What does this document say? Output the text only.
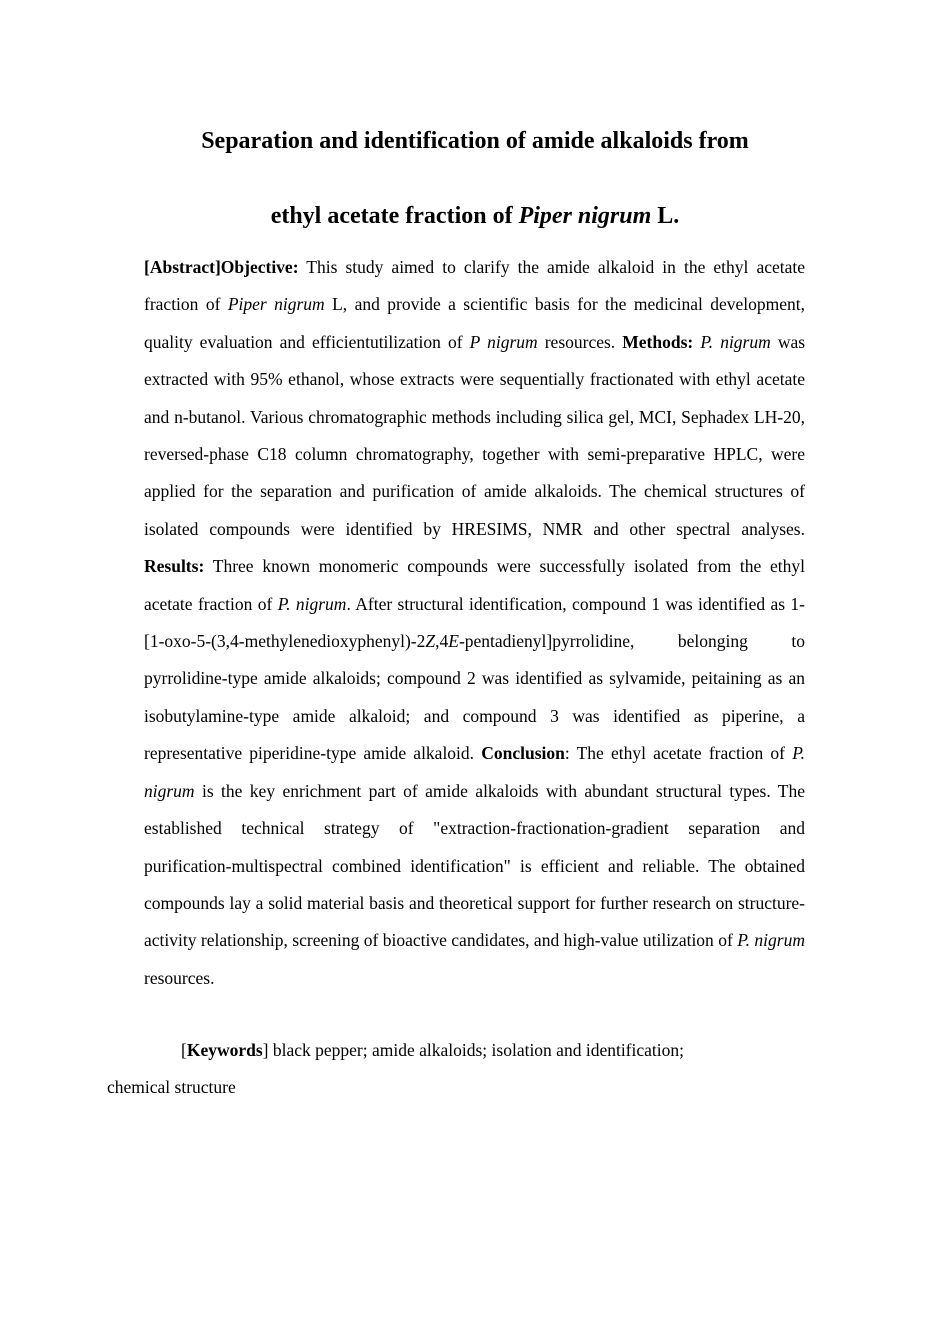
Separation and identification of amide alkaloids from
ethyl acetate fraction of Piper nigrum L.

[Abstract]Objective: This study aimed to clarify the amide alkaloid in the ethyl acetate fraction of Piper nigrum L, and provide a scientific basis for the medicinal development, quality evaluation and efficientutilization of P nigrum resources. Methods: P. nigrum was extracted with 95% ethanol, whose extracts were sequentially fractionated with ethyl acetate and n-butanol. Various chromatographic methods including silica gel, MCI, Sephadex LH-20, reversed-phase C18 column chromatography, together with semi-preparative HPLC, were applied for the separation and purification of amide alkaloids. The chemical structures of isolated compounds were identified by HRESIMS, NMR and other spectral analyses. Results: Three known monomeric compounds were successfully isolated from the ethyl acetate fraction of P. nigrum. After structural identification, compound 1 was identified as 1-[1-oxo-5-(3,4-methylenedioxyphenyl)-2Z,4E-pentadienyl]pyrrolidine, belonging to pyrrolidine-type amide alkaloids; compound 2 was identified as sylvamide, peitaining as an isobutylamine-type amide alkaloid; and compound 3 was identified as piperine, a representative piperidine-type amide alkaloid. Conclusion: The ethyl acetate fraction of P. nigrum is the key enrichment part of amide alkaloids with abundant structural types. The established technical strategy of "extraction-fractionation-gradient separation and purification-multispectral combined identification" is efficient and reliable. The obtained compounds lay a solid material basis and theoretical support for further research on structure-activity relationship, screening of bioactive candidates, and high-value utilization of P. nigrum resources.

[Keywords] black pepper; amide alkaloids; isolation and identification;
chemical structure
